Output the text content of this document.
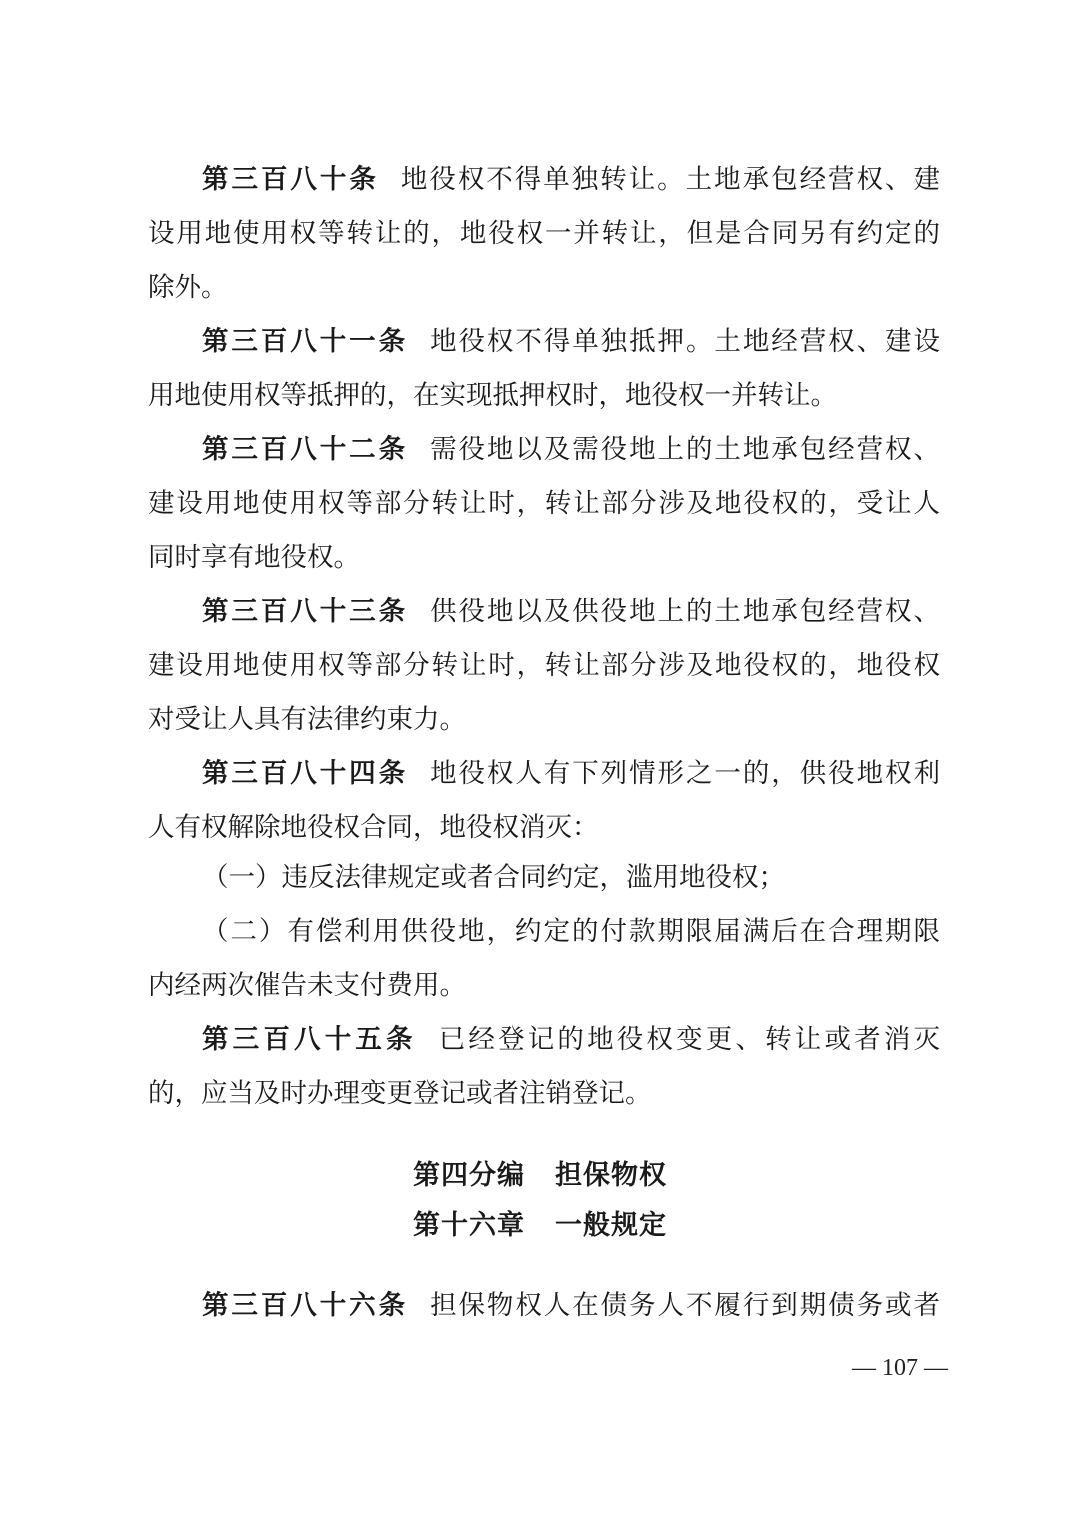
第三百八十条 地役权不得单独转让。土地承包经营权、建
设用地使用权等转让的，地役权一并转让，但是合同另有约定的
除外。
第三百八十一条 地役权不得单独抵押。土地经营权、建设
用地使用权等抵押的，在实现抵押权时，地役权一并转让。
第三百八十二条 需役地以及需役地上的土地承包经营权、
建设用地使用权等部分转让时，转让部分涉及地役权的，受让人
同时享有地役权。
第三百八十三条 供役地以及供役地上的土地承包经营权、
建设用地使用权等部分转让时，转让部分涉及地役权的，地役权
对受让人具有法律约束力。
第三百八十四条 地役权人有下列情形之一的，供役地权利
人有权解除地役权合同，地役权消灭：
（一）违反法律规定或者合同约定，滥用地役权；
（二）有偿利用供役地，约定的付款期限届满后在合理期限
内经两次催告未支付费用。
第三百八十五条 已经登记的地役权变更、转让或者消灭
的，应当及时办理变更登记或者注销登记。
第四分编 担保物权
第十六章 一般规定
第三百八十六条 担保物权人在债务人不履行到期债务或者
— 107 —
